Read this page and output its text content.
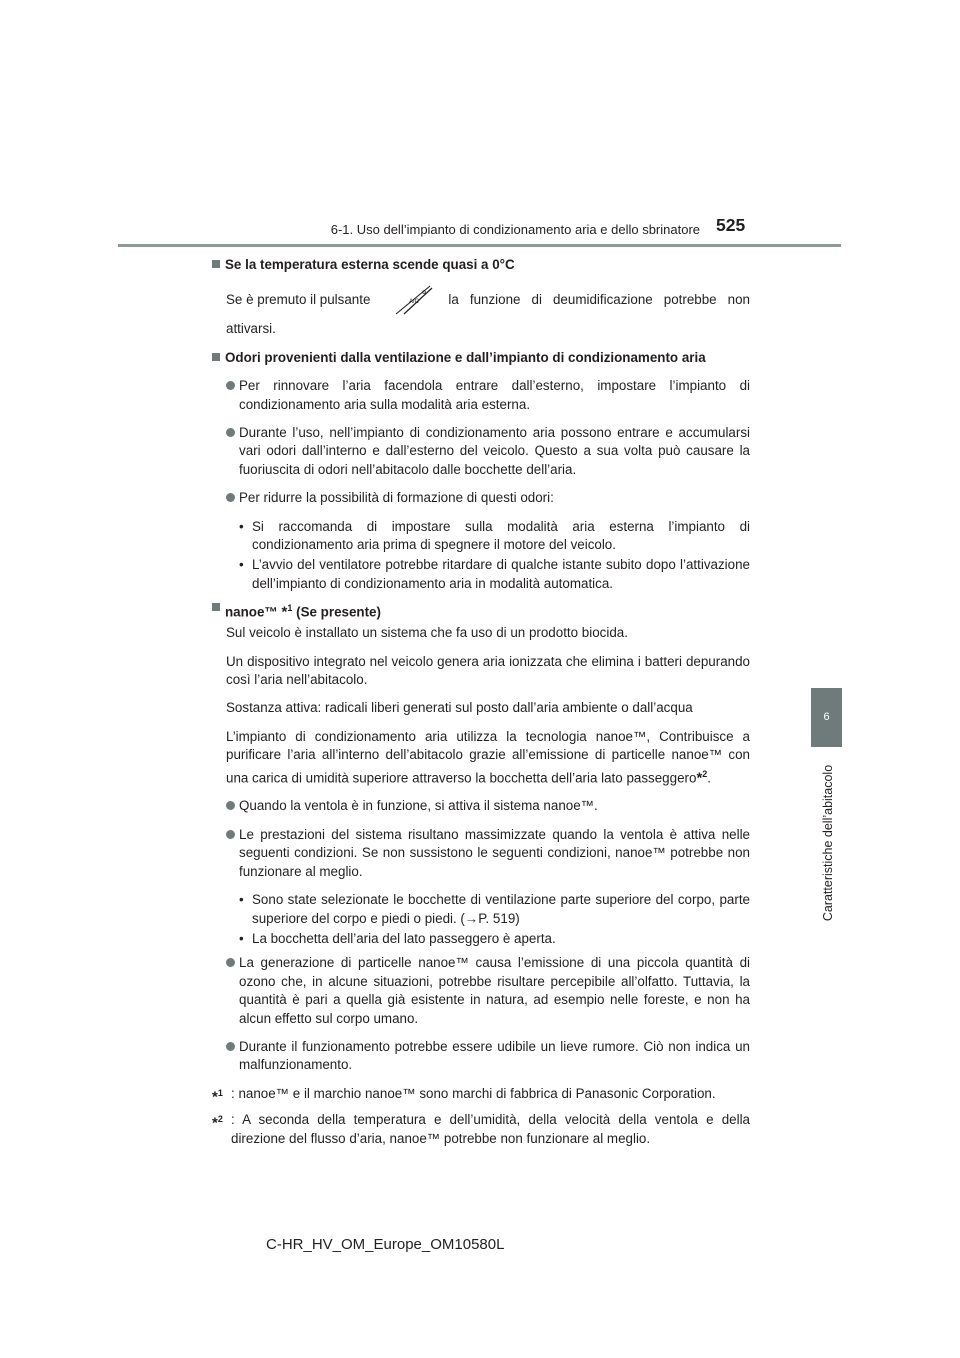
6-1. Uso dell’impianto di condizionamento aria e dello sbrinatore 525
6
Caratteristiche dell’abitacolo
Se la temperatura esterna scende quasi a 0°C
Se è premuto il pulsante	A/C la funzione di deumidificazione potrebbe non

attivarsi.

Odori provenienti dalla ventilazione e dall’impianto di condizionamento aria
Per rinnovare l’aria facendola entrare dall’esterno, impostare l’impianto di condizionamento aria sulla modalità aria esterna.
Durante l’uso, nell’impianto di condizionamento aria possono entrare e accumularsi vari odori dall’interno e dall’esterno del veicolo. Questo a sua volta può causare la fuoriuscita di odori nell’abitacolo dalle bocchette dell’aria.
Per ridurre la possibilità di formazione di questi odori:
• Si raccomanda di impostare sulla modalità aria esterna l’impianto di condizionamento aria prima di spegnere il motore del veicolo.
• L’avvio del ventilatore potrebbe ritardare di qualche istante subito dopo l’attivazione dell’impianto di condizionamento aria in modalità automatica.
nanoe™ *$^1$ (Se presente)

Sul veicolo è installato un sistema che fa uso di un prodotto biocida.

Un dispositivo integrato nel veicolo genera aria ionizzata che elimina i batteri depurando così l’aria nell’abitacolo.

Sostanza attiva: radicali liberi generati sul posto dall’aria ambiente o dall’acqua

L’impianto di condizionamento aria utilizza la tecnologia nanoe™, Contribuisce a purificare l’aria all’interno dell’abitacolo grazie all’emissione di particelle nanoe™ con una carica di umidità superiore attraverso la bocchetta dell’aria lato passeggero*$^2$.

Quando la ventola è in funzione, si attiva il sistema nanoe™.
Le prestazioni del sistema risultano massimizzate quando la ventola è attiva nelle seguenti condizioni. Se non sussistono le seguenti condizioni, nanoe™ potrebbe non funzionare al meglio.
• Sono state selezionate le bocchette di ventilazione parte superiore del corpo, parte superiore del corpo e piedi o piedi. (→P. 519)
• La bocchetta dell’aria del lato passeggero è aperta.
La generazione di particelle nanoe™ causa l’emissione di una piccola quantità di ozono che, in alcune situazioni, potrebbe risultare percepibile all’olfatto. Tuttavia, la quantità è pari a quella già esistente in natura, ad esempio nelle foreste, e non ha alcun effetto sul corpo umano.
Durante il funzionamento potrebbe essere udibile un lieve rumore. Ciò non indica un malfunzionamento.
*$^1$ : nanoe™ e il marchio nanoe™ sono marchi di fabbrica di Panasonic Corporation.
*$^2$ : A seconda della temperatura e dell’umidità, della velocità della ventola e della direzione del flusso d’aria, nanoe™ potrebbe non funzionare al meglio.
C-HR_HV_OM_Europe_OM10580L
